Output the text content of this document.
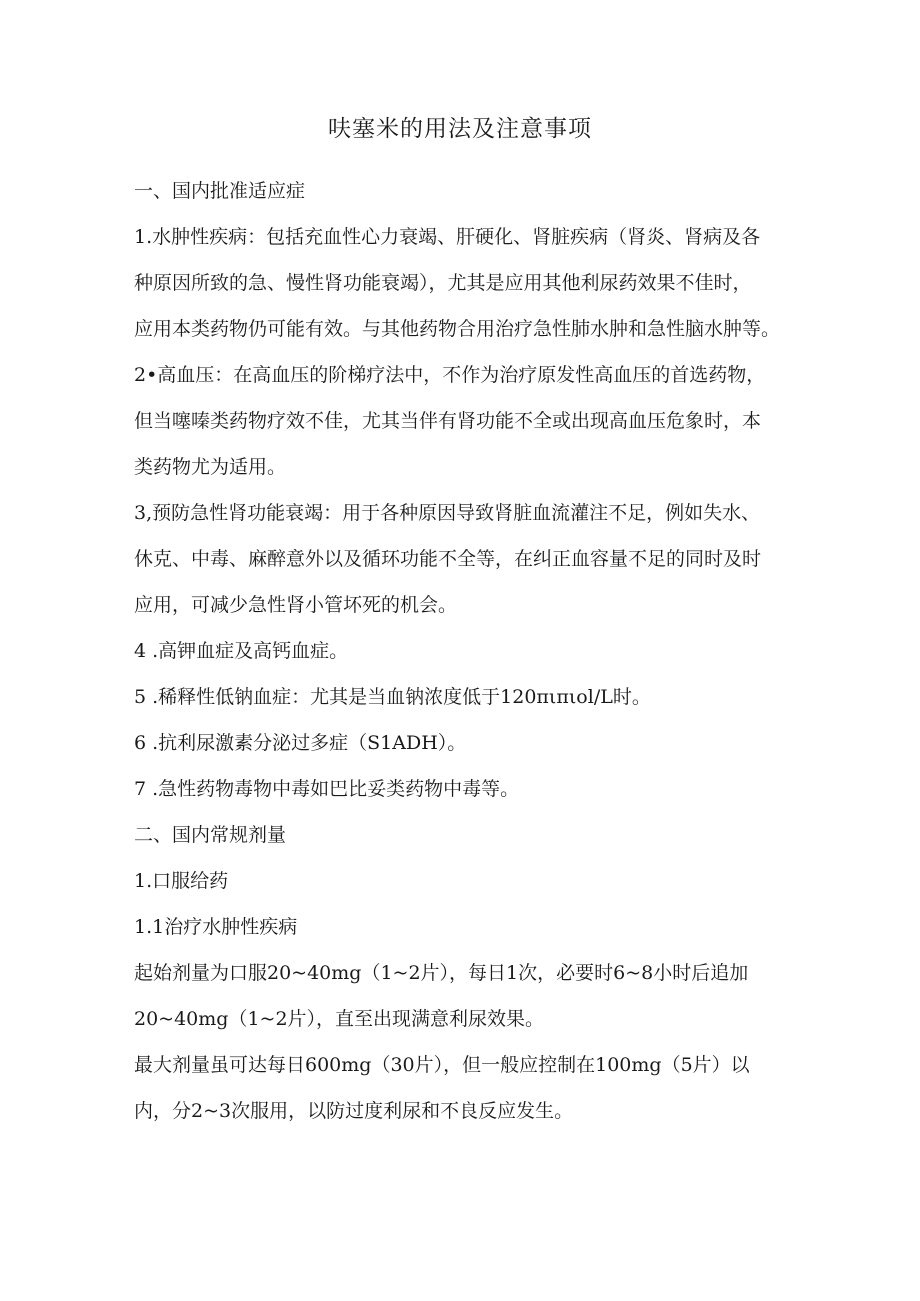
呋塞米的用法及注意事项

一、国内批准适应症

1.水肿性疾病：包括充血性心力衰竭、肝硬化、肾脏疾病（肾炎、肾病及各

种原因所致的急、慢性肾功能衰竭），尤其是应用其他利尿药效果不佳时，

应用本类药物仍可能有效。与其他药物合用治疗急性肺水肿和急性脑水肿等。

2•高血压：在高血压的阶梯疗法中，不作为治疗原发性高血压的首选药物，

但当噻嗪类药物疗效不佳，尤其当伴有肾功能不全或出现高血压危象时，本

类药物尤为适用。

3,预防急性肾功能衰竭：用于各种原因导致肾脏血流灌注不足，例如失水、

休克、中毒、麻醉意外以及循环功能不全等，在纠正血容量不足的同时及时

应用，可减少急性肾小管坏死的机会。

4 .高钾血症及高钙血症。

5 .稀释性低钠血症：尤其是当血钠浓度低于120πιπιol/L时。

6 .抗利尿激素分泌过多症（S1ADH）。

7 .急性药物毒物中毒如巴比妥类药物中毒等。

二、国内常规剂量

1.口服给药

1.1治疗水肿性疾病

起始剂量为口服20~40mg（1~2片），每日1次，必要时6~8小时后追加

20~40mg（1~2片），直至出现满意利尿效果。

最大剂量虽可达每日600mg（30片），但一般应控制在100mg（5片）以

内，分2~3次服用，以防过度利尿和不良反应发生。
